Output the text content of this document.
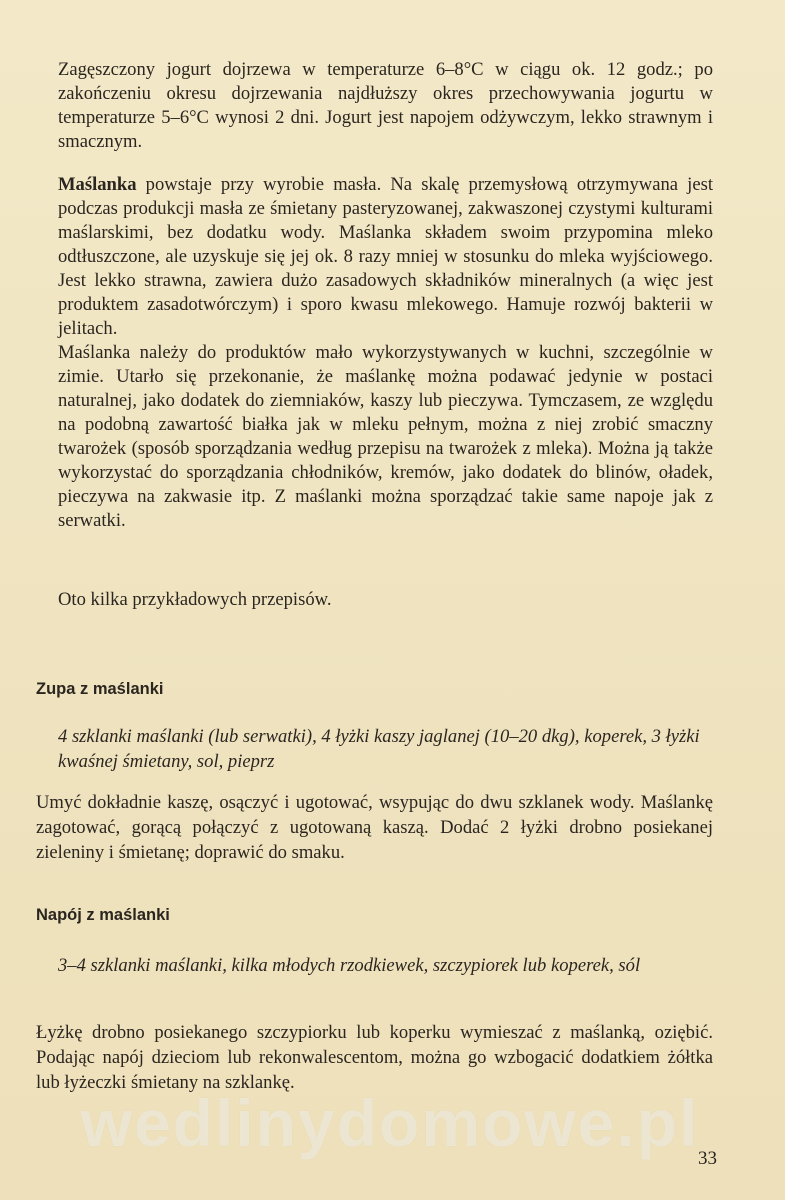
Zagęszczony jogurt dojrzewa w temperaturze 6–8°C w ciągu ok. 12 godz.; po zakończeniu okresu dojrzewania najdłuższy okres przechowywania jogurtu w temperaturze 5–6°C wynosi 2 dni. Jogurt jest napojem odżywczym, lekko strawnym i smacznym.

Maślanka powstaje przy wyrobie masła. Na skalę przemysłową otrzymywana jest podczas produkcji masła ze śmietany pasteryzowanej, zakwaszonej czystymi kulturami maślarskimi, bez dodatku wody. Maślanka składem swoim przypomina mleko odtłuszczone, ale uzyskuje się jej ok. 8 razy mniej w stosunku do mleka wyjściowego. Jest lekko strawna, zawiera dużo zasadowych składników mineralnych (a więc jest produktem zasadotwórczym) i sporo kwasu mlekowego. Hamuje rozwój bakterii w jelitach.

Maślanka należy do produktów mało wykorzystywanych w kuchni, szczególnie w zimie. Utarło się przekonanie, że maślankę można podawać jedynie w postaci naturalnej, jako dodatek do ziemniaków, kaszy lub pieczywa. Tymczasem, ze względu na podobną zawartość białka jak w mleku pełnym, można z niej zrobić smaczny twarożek (sposób sporządzania według przepisu na twarożek z mleka). Można ją także wykorzystać do sporządzania chłodników, kremów, jako dodatek do blinów, oładek, pieczywa na zakwasie itp. Z maślanki można sporządzać takie same napoje jak z serwatki.

Oto kilka przykładowych przepisów.

Zupa z maślanki
4 szklanki maślanki (lub serwatki), 4 łyżki kaszy jaglanej (10–20 dkg), koperek, 3 łyżki kwaśnej śmietany, sol, pieprz
Umyć dokładnie kaszę, osączyć i ugotować, wsypując do dwu szklanek wody. Maślankę zagotować, gorącą połączyć z ugotowaną kaszą. Dodać 2 łyżki drobno posiekanej zieleniny i śmietanę; doprawić do smaku.
Napój z maślanki
3–4 szklanki maślanki, kilka młodych rzodkiewek, szczypiorek lub koperek, sól
Łyżkę drobno posiekanego szczypiorku lub koperku wymieszać z maślanką, oziębić. Podając napój dzieciom lub rekonwalescentom, można go wzbogacić dodatkiem żółtka lub łyżeczki śmietany na szklankę.
wedlinydomowe.pl
33
